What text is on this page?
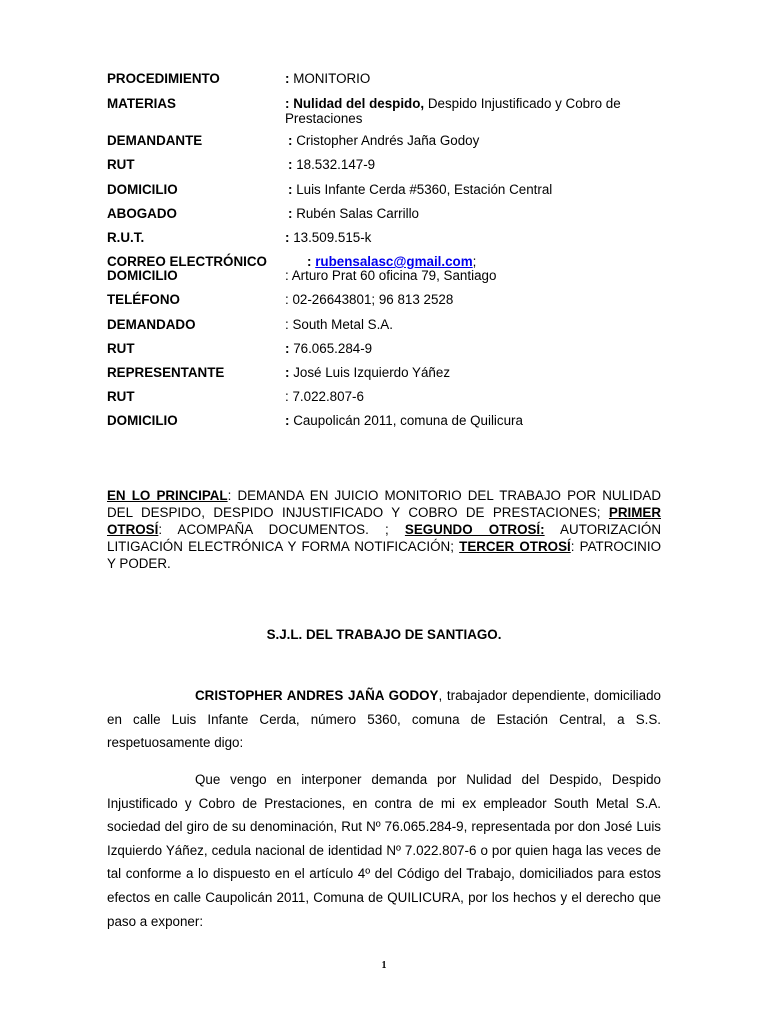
PROCEDIMIENTO	: MONITORIO
MATERIAS	: Nulidad del despido, Despido Injustificado y Cobro de
Prestaciones
DEMANDANTE	: Cristopher Andrés Jaña Godoy
RUT	: 18.532.147-9
DOMICILIO	: Luis Infante Cerda #5360, Estación Central
ABOGADO	: Rubén Salas Carrillo
R.U.T.	: 13.509.515-k
CORREO ELECTRÓNICO	: rubensalasc@gmail.com;
DOMICILIO	: Arturo Prat 60 oficina 79, Santiago
TELÉFONO	: 02-26643801; 96 813 2528
DEMANDADO	: South Metal S.A.
RUT	: 76.065.284-9
REPRESENTANTE	: José Luis Izquierdo Yáñez
RUT	: 7.022.807-6
DOMICILIO	: Caupolicán 2011, comuna de Quilicura
EN LO PRINCIPAL: DEMANDA EN JUICIO MONITORIO DEL TRABAJO POR NULIDAD DEL DESPIDO, DESPIDO INJUSTIFICADO Y COBRO DE PRESTACIONES; PRIMER OTROSÍ: ACOMPAÑA DOCUMENTOS. ; SEGUNDO OTROSÍ: AUTORIZACIÓN LITIGACIÓN ELECTRÓNICA Y FORMA NOTIFICACIÓN; TERCER OTROSÍ: PATROCINIO Y PODER.
S.J.L. DEL TRABAJO DE SANTIAGO.
CRISTOPHER ANDRES JAÑA GODOY, trabajador dependiente, domiciliado en calle Luis Infante Cerda, número 5360, comuna de Estación Central, a S.S. respetuosamente digo:
Que vengo en interponer demanda por Nulidad del Despido, Despido Injustificado y Cobro de Prestaciones, en contra de mi ex empleador South Metal S.A. sociedad del giro de su denominación, Rut Nº 76.065.284-9, representada por don José Luis Izquierdo Yáñez, cedula nacional de identidad Nº 7.022.807-6 o por quien haga las veces de tal conforme a lo dispuesto en el artículo 4º del Código del Trabajo, domiciliados para estos efectos en calle Caupolicán 2011, Comuna de QUILICURA, por los hechos y el derecho que paso a exponer:
1
